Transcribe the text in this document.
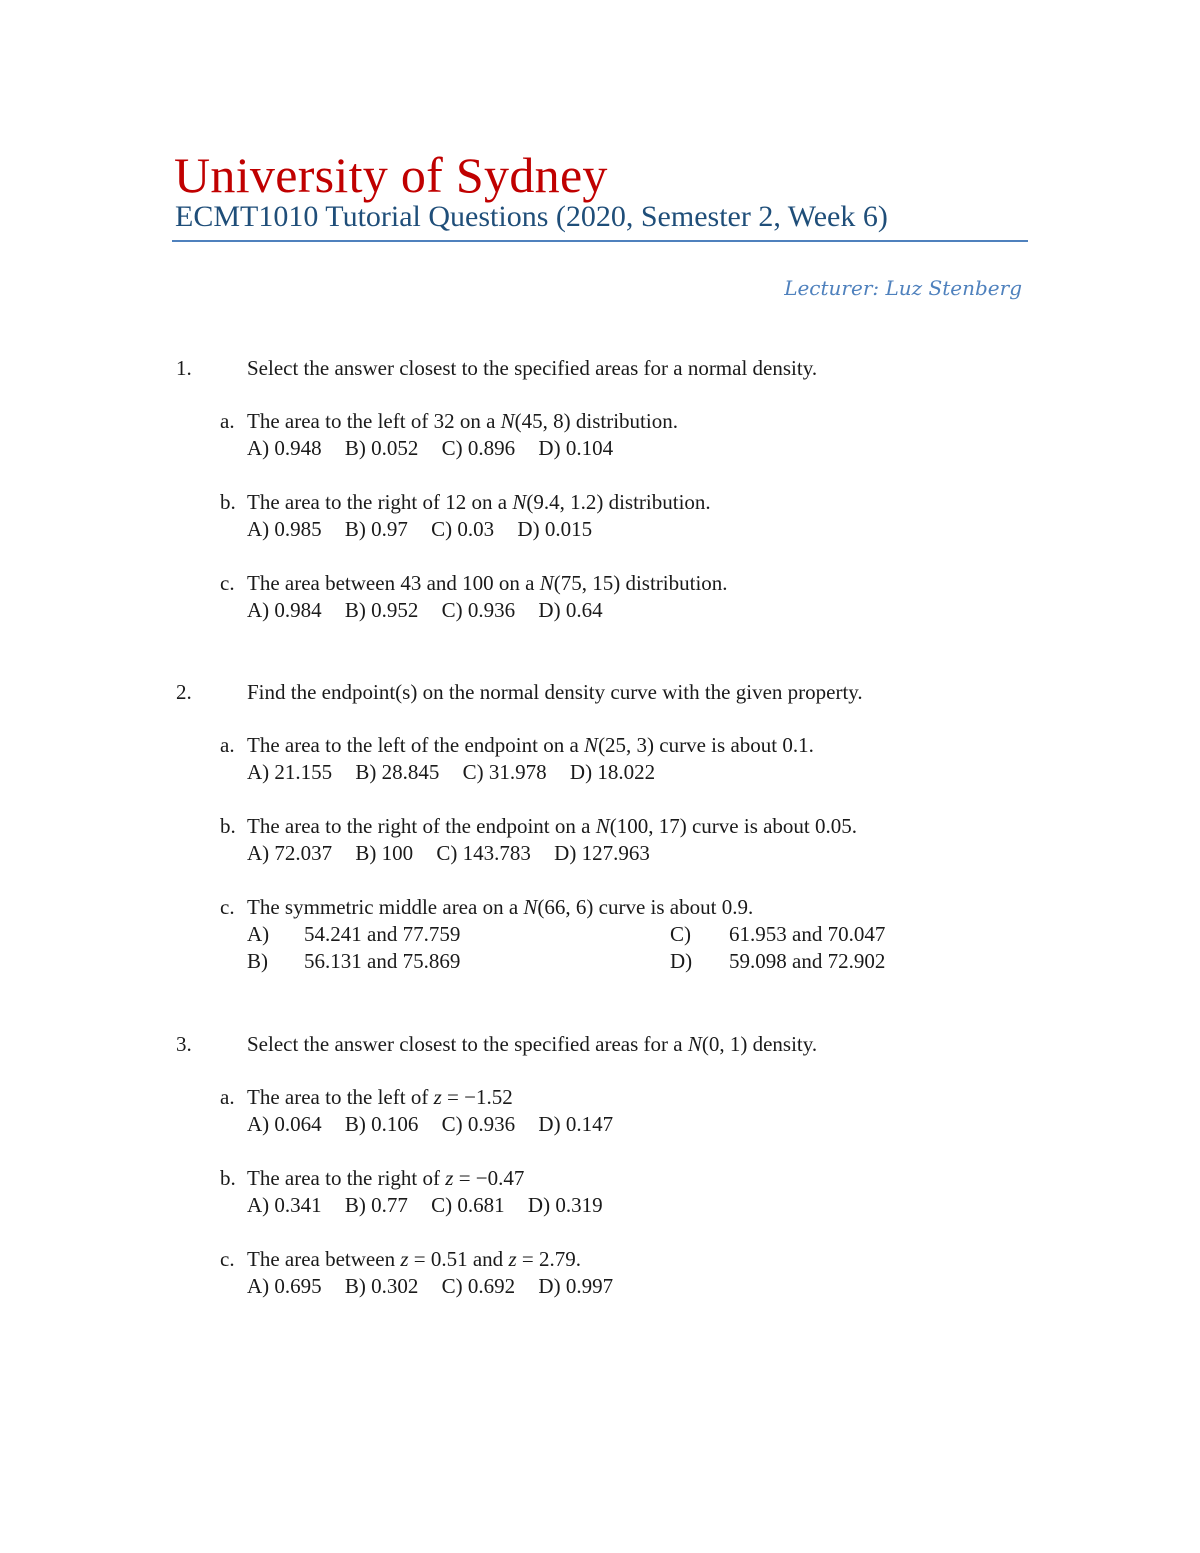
University of Sydney
ECMT1010 Tutorial Questions (2020, Semester 2, Week 6)
Lecturer: Luz Stenberg
1.	Select the answer closest to the specified areas for a normal density.
a. The area to the left of 32 on a N(45, 8) distribution.
A) 0.948 B) 0.052 C) 0.896 D) 0.104
b. The area to the right of 12 on a N(9.4, 1.2) distribution.
A) 0.985 B) 0.97 C) 0.03 D) 0.015
c. The area between 43 and 100 on a N(75, 15) distribution.
A) 0.984 B) 0.952 C) 0.936 D) 0.64
2.	Find the endpoint(s) on the normal density curve with the given property.
a. The area to the left of the endpoint on a N(25, 3) curve is about 0.1.
A) 21.155 B) 28.845 C) 31.978 D) 18.022
b. The area to the right of the endpoint on a N(100, 17) curve is about 0.05.
A) 72.037 B) 100 C) 143.783 D) 127.963
c. The symmetric middle area on a N(66, 6) curve is about 0.9.
A) 54.241 and 77.759
B) 56.131 and 75.869
C) 61.953 and 70.047
D) 59.098 and 72.902
3.	Select the answer closest to the specified areas for a N(0, 1) density.
a. The area to the left of z = −1.52
A) 0.064 B) 0.106 C) 0.936 D) 0.147
b. The area to the right of z = −0.47
A) 0.341 B) 0.77 C) 0.681 D) 0.319
c. The area between z = 0.51 and z = 2.79.
A) 0.695 B) 0.302 C) 0.692 D) 0.997
